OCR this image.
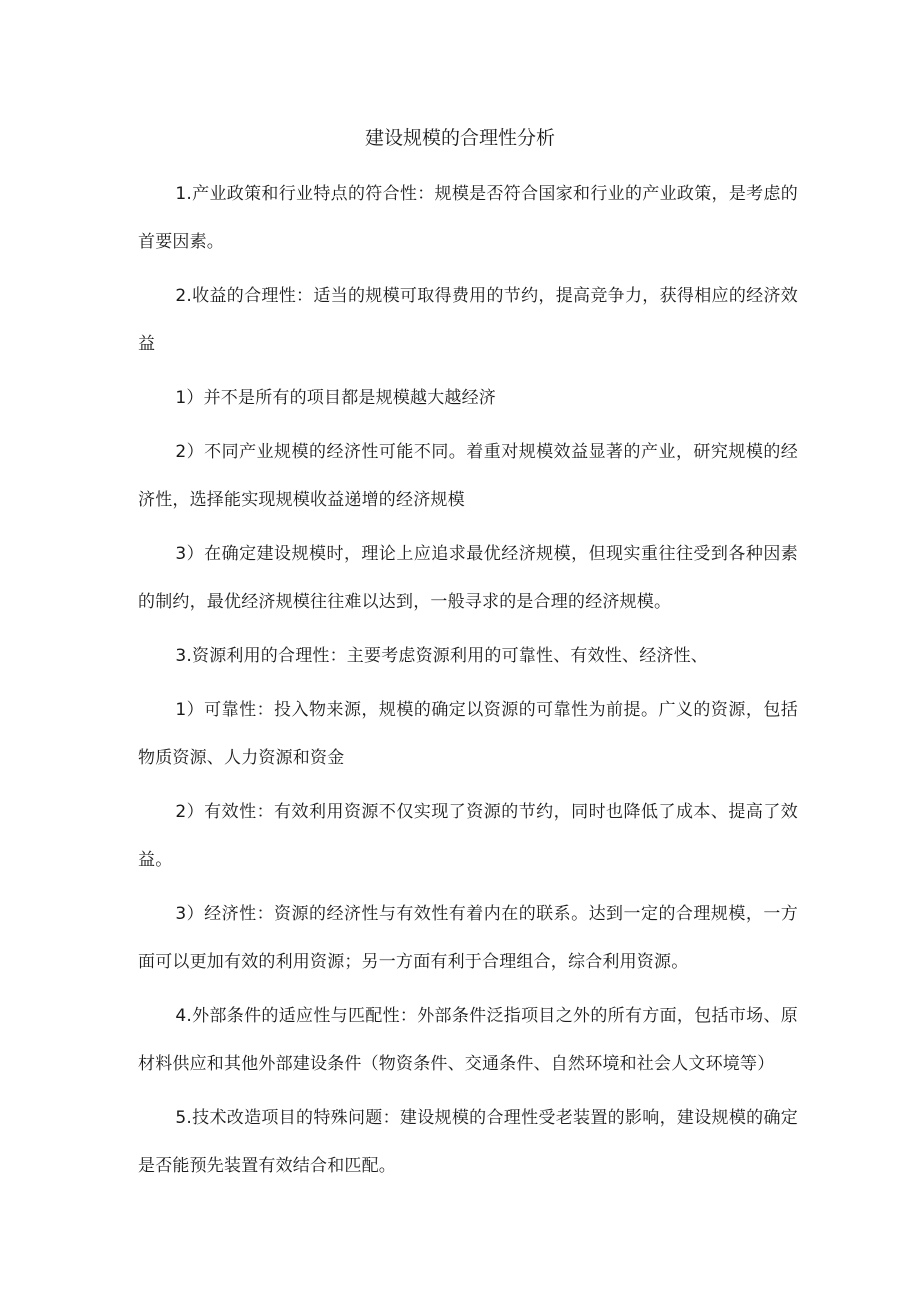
建设规模的合理性分析

1.产业政策和行业特点的符合性：规模是否符合国家和行业的产业政策，是考虑的首要因素。

2.收益的合理性：适当的规模可取得费用的节约，提高竞争力，获得相应的经济效益

1）并不是所有的项目都是规模越大越经济

2）不同产业规模的经济性可能不同。着重对规模效益显著的产业，研究规模的经济性，选择能实现规模收益递增的经济规模

3）在确定建设规模时，理论上应追求最优经济规模，但现实重往往受到各种因素的制约，最优经济规模往往难以达到，一般寻求的是合理的经济规模。

3.资源利用的合理性：主要考虑资源利用的可靠性、有效性、经济性、

1）可靠性：投入物来源，规模的确定以资源的可靠性为前提。广义的资源，包括物质资源、人力资源和资金

2）有效性：有效利用资源不仅实现了资源的节约，同时也降低了成本、提高了效益。

3）经济性：资源的经济性与有效性有着内在的联系。达到一定的合理规模，一方面可以更加有效的利用资源；另一方面有利于合理组合，综合利用资源。

4.外部条件的适应性与匹配性：外部条件泛指项目之外的所有方面，包括市场、原材料供应和其他外部建设条件（物资条件、交通条件、自然环境和社会人文环境等）

5.技术改造项目的特殊问题：建设规模的合理性受老装置的影响，建设规模的确定是否能预先装置有效结合和匹配。
